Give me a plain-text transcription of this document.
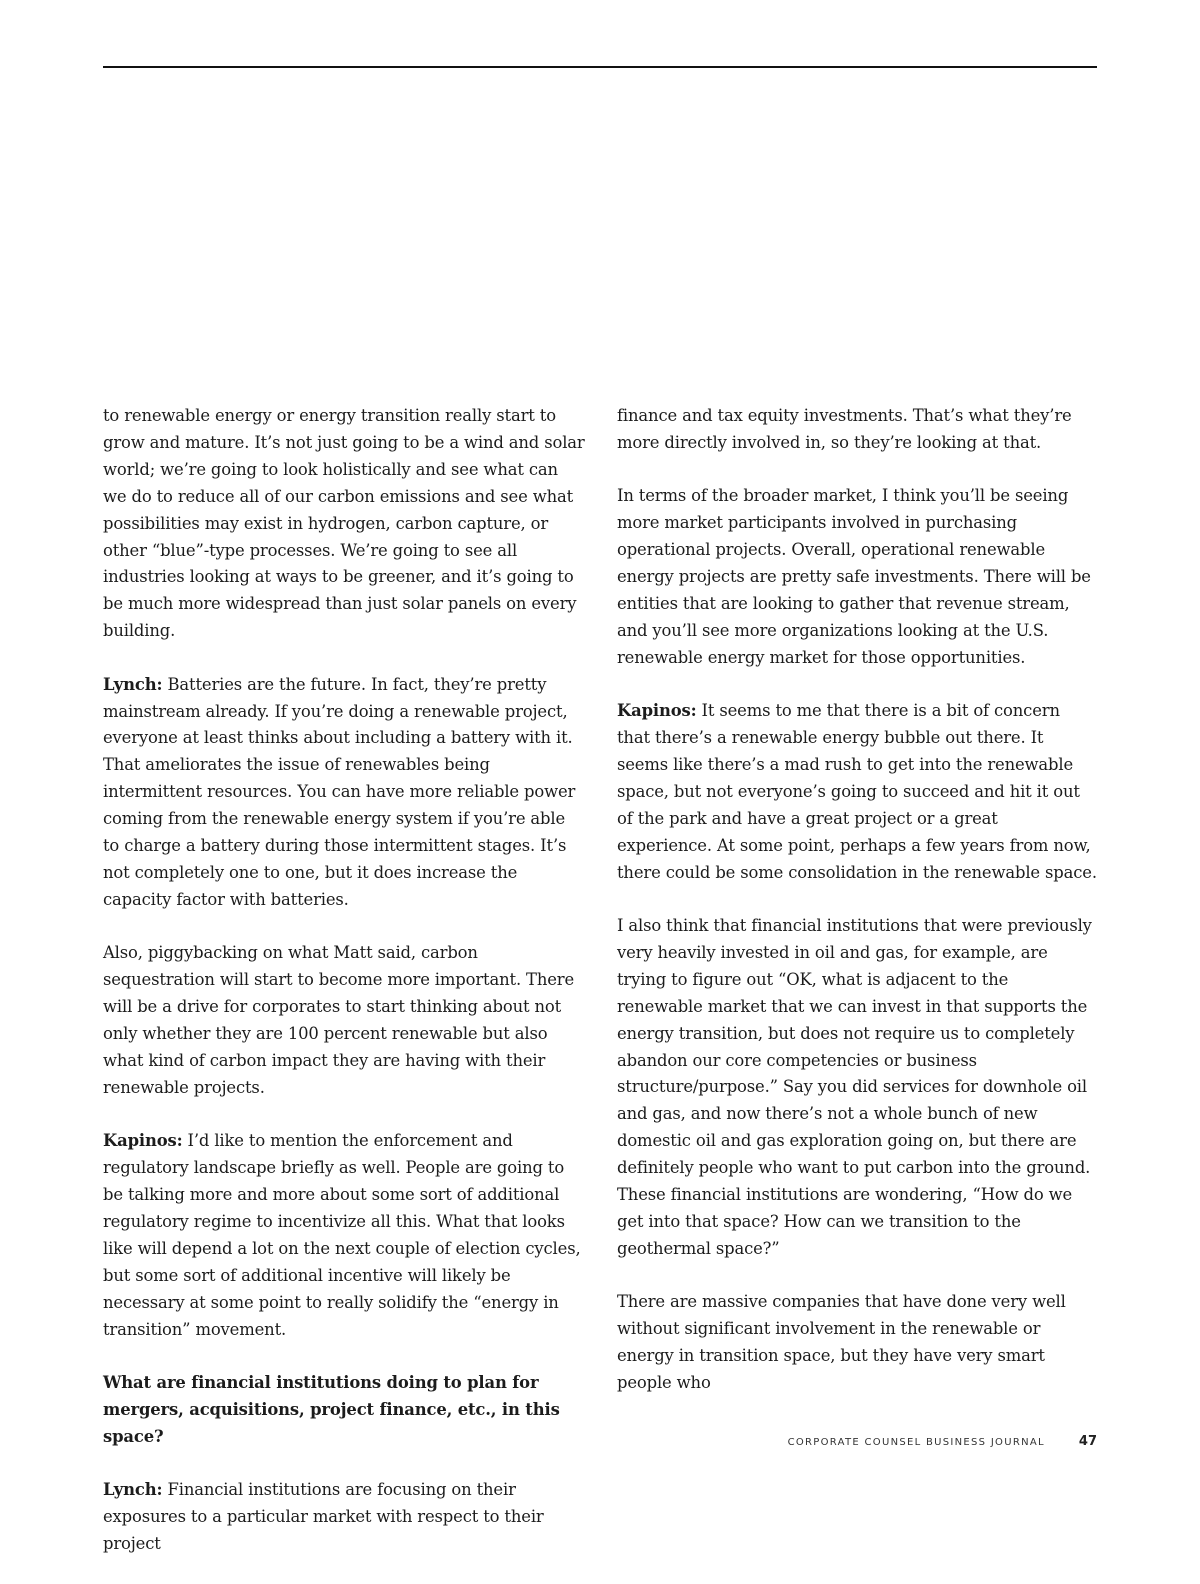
to renewable energy or energy transition really start to grow and mature. It’s not just going to be a wind and solar world; we’re going to look holistically and see what can we do to reduce all of our carbon emissions and see what possibilities may exist in hydrogen, carbon capture, or other “blue”-type processes. We’re going to see all industries looking at ways to be greener, and it’s going to be much more widespread than just solar panels on every building.

Lynch: Batteries are the future. In fact, they’re pretty mainstream already. If you’re doing a renewable project, everyone at least thinks about including a battery with it. That ameliorates the issue of renewables being intermittent resources. You can have more reliable power coming from the renewable energy system if you’re able to charge a battery during those intermittent stages. It’s not completely one to one, but it does increase the capacity factor with batteries.

Also, piggybacking on what Matt said, carbon sequestration will start to become more important. There will be a drive for corporates to start thinking about not only whether they are 100 percent renewable but also what kind of carbon impact they are having with their renewable projects.

Kapinos: I’d like to mention the enforcement and regulatory landscape briefly as well. People are going to be talking more and more about some sort of additional regulatory regime to incentivize all this. What that looks like will depend a lot on the next couple of election cycles, but some sort of additional incentive will likely be necessary at some point to really solidify the “energy in transition” movement.

What are financial institutions doing to plan for mergers, acquisitions, project finance, etc., in this space?

Lynch: Financial institutions are focusing on their exposures to a particular market with respect to their project

finance and tax equity investments. That’s what they’re more directly involved in, so they’re looking at that.

In terms of the broader market, I think you’ll be seeing more market participants involved in purchasing operational projects. Overall, operational renewable energy projects are pretty safe investments. There will be entities that are looking to gather that revenue stream, and you’ll see more organizations looking at the U.S. renewable energy market for those opportunities.

Kapinos: It seems to me that there is a bit of concern that there’s a renewable energy bubble out there. It seems like there’s a mad rush to get into the renewable space, but not everyone’s going to succeed and hit it out of the park and have a great project or a great experience. At some point, perhaps a few years from now, there could be some consolidation in the renewable space.

I also think that financial institutions that were previously very heavily invested in oil and gas, for example, are trying to figure out “OK, what is adjacent to the renewable market that we can invest in that supports the energy transition, but does not require us to completely abandon our core competencies or business structure/purpose.” Say you did services for downhole oil and gas, and now there’s not a whole bunch of new domestic oil and gas exploration going on, but there are definitely people who want to put carbon into the ground. These financial institutions are wondering, “How do we get into that space? How can we transition to the geothermal space?”

There are massive companies that have done very well without significant involvement in the renewable or energy in transition space, but they have very smart people who

CORPORATE COUNSEL BUSINESS JOURNAL	47
